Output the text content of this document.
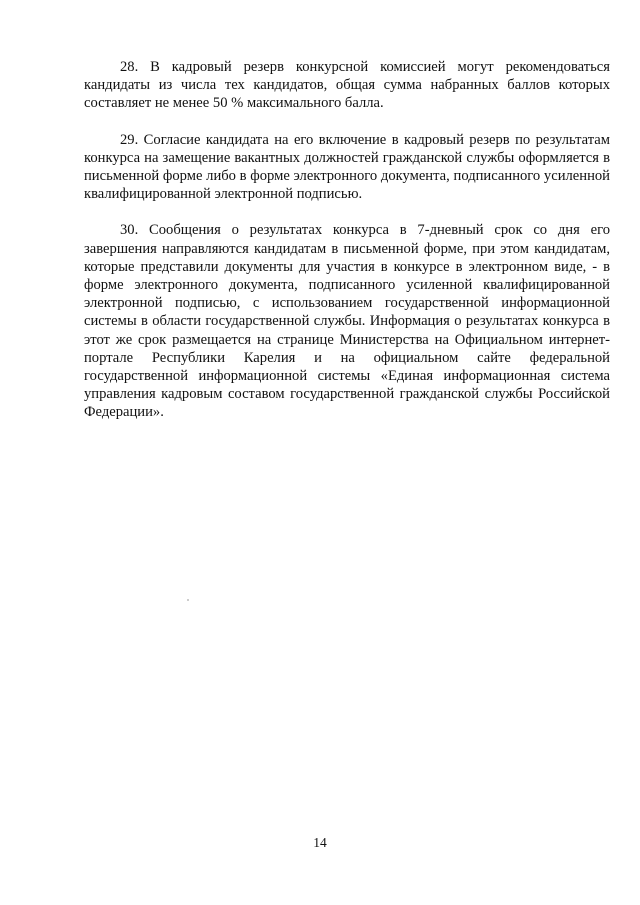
28. В кадровый резерв конкурсной комиссией могут рекомендоваться кандидаты из числа тех кандидатов, общая сумма набранных баллов которых составляет не менее 50 % максимального балла.

29. Согласие кандидата на его включение в кадровый резерв по результатам конкурса на замещение вакантных должностей гражданской службы оформляется в письменной форме либо в форме электронного документа, подписанного усиленной квалифицированной электронной подписью.

30. Сообщения о результатах конкурса в 7-дневный срок со дня его завершения направляются кандидатам в письменной форме, при этом кандидатам, которые представили документы для участия в конкурсе в электронном виде, - в форме электронного документа, подписанного усиленной квалифицированной электронной подписью, с использованием государственной информационной системы в области государственной службы. Информация о результатах конкурса в этот же срок размещается на странице Министерства на Официальном интернет-портале Республики Карелия и на официальном сайте федеральной государственной информационной системы «Единая информационная система управления кадровым составом государственной гражданской службы Российской Федерации».

14
